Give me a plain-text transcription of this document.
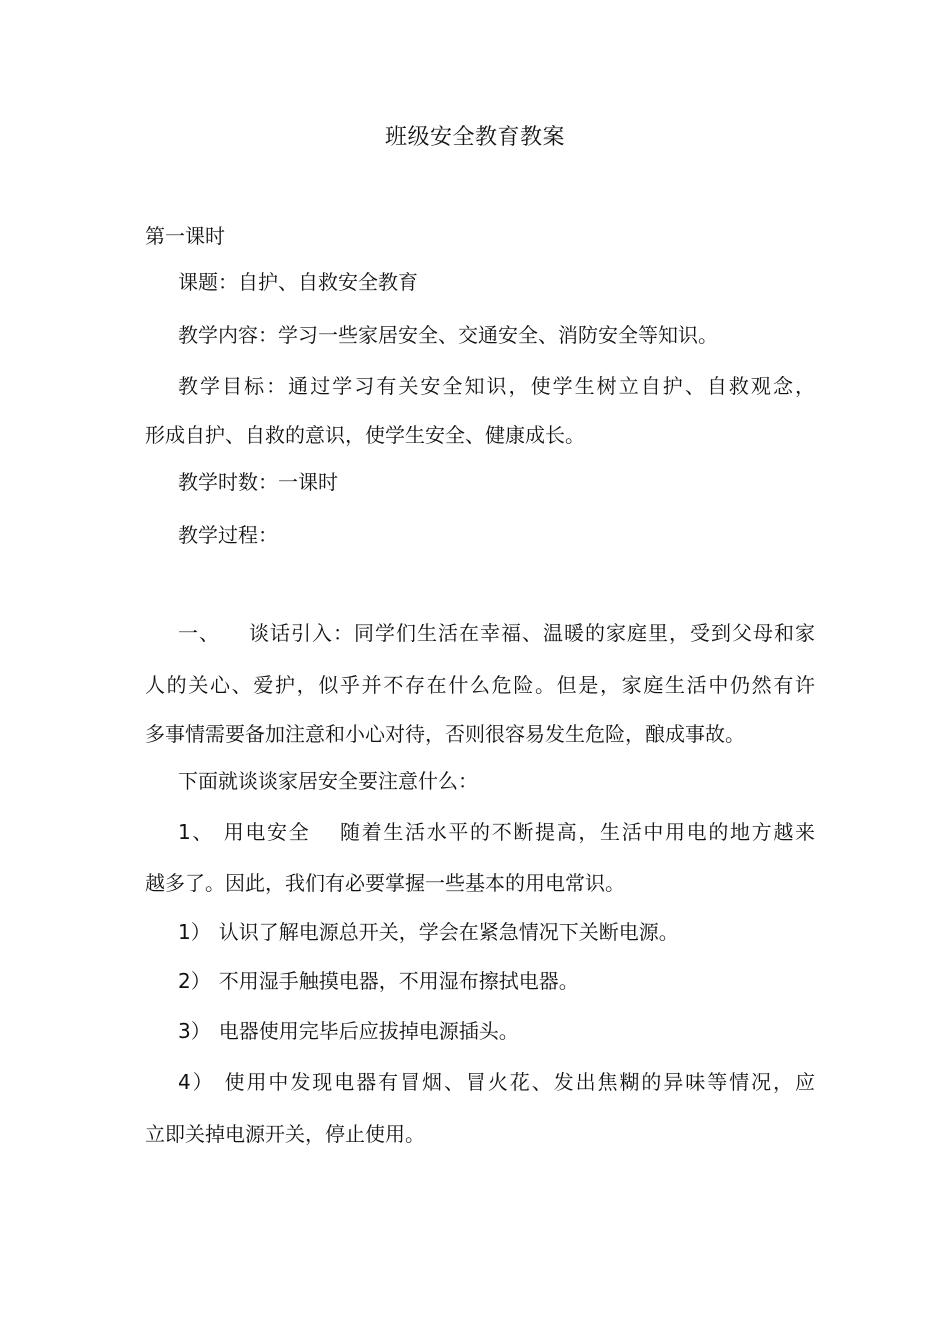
班级安全教育教案
第一课时
课题：自护、自救安全教育
教学内容：学习一些家居安全、交通安全、消防安全等知识。
教学目标：通过学习有关安全知识，使学生树立自护、自救观念，
形成自护、自救的意识，使学生安全、健康成长。
教学时数：一课时
教学过程：
一、 谈话引入：同学们生活在幸福、温暖的家庭里，受到父母和家
人的关心、爱护，似乎并不存在什么危险。但是，家庭生活中仍然有许
多事情需要备加注意和小心对待，否则很容易发生危险，酿成事故。
下面就谈谈家居安全要注意什么：
1、 用电安全 随着生活水平的不断提高，生活中用电的地方越来
越多了。因此，我们有必要掌握一些基本的用电常识。
1） 认识了解电源总开关，学会在紧急情况下关断电源。
2） 不用湿手触摸电器，不用湿布擦拭电器。
3） 电器使用完毕后应拔掉电源插头。
4） 使用中发现电器有冒烟、冒火花、发出焦糊的异味等情况，应
立即关掉电源开关，停止使用。
